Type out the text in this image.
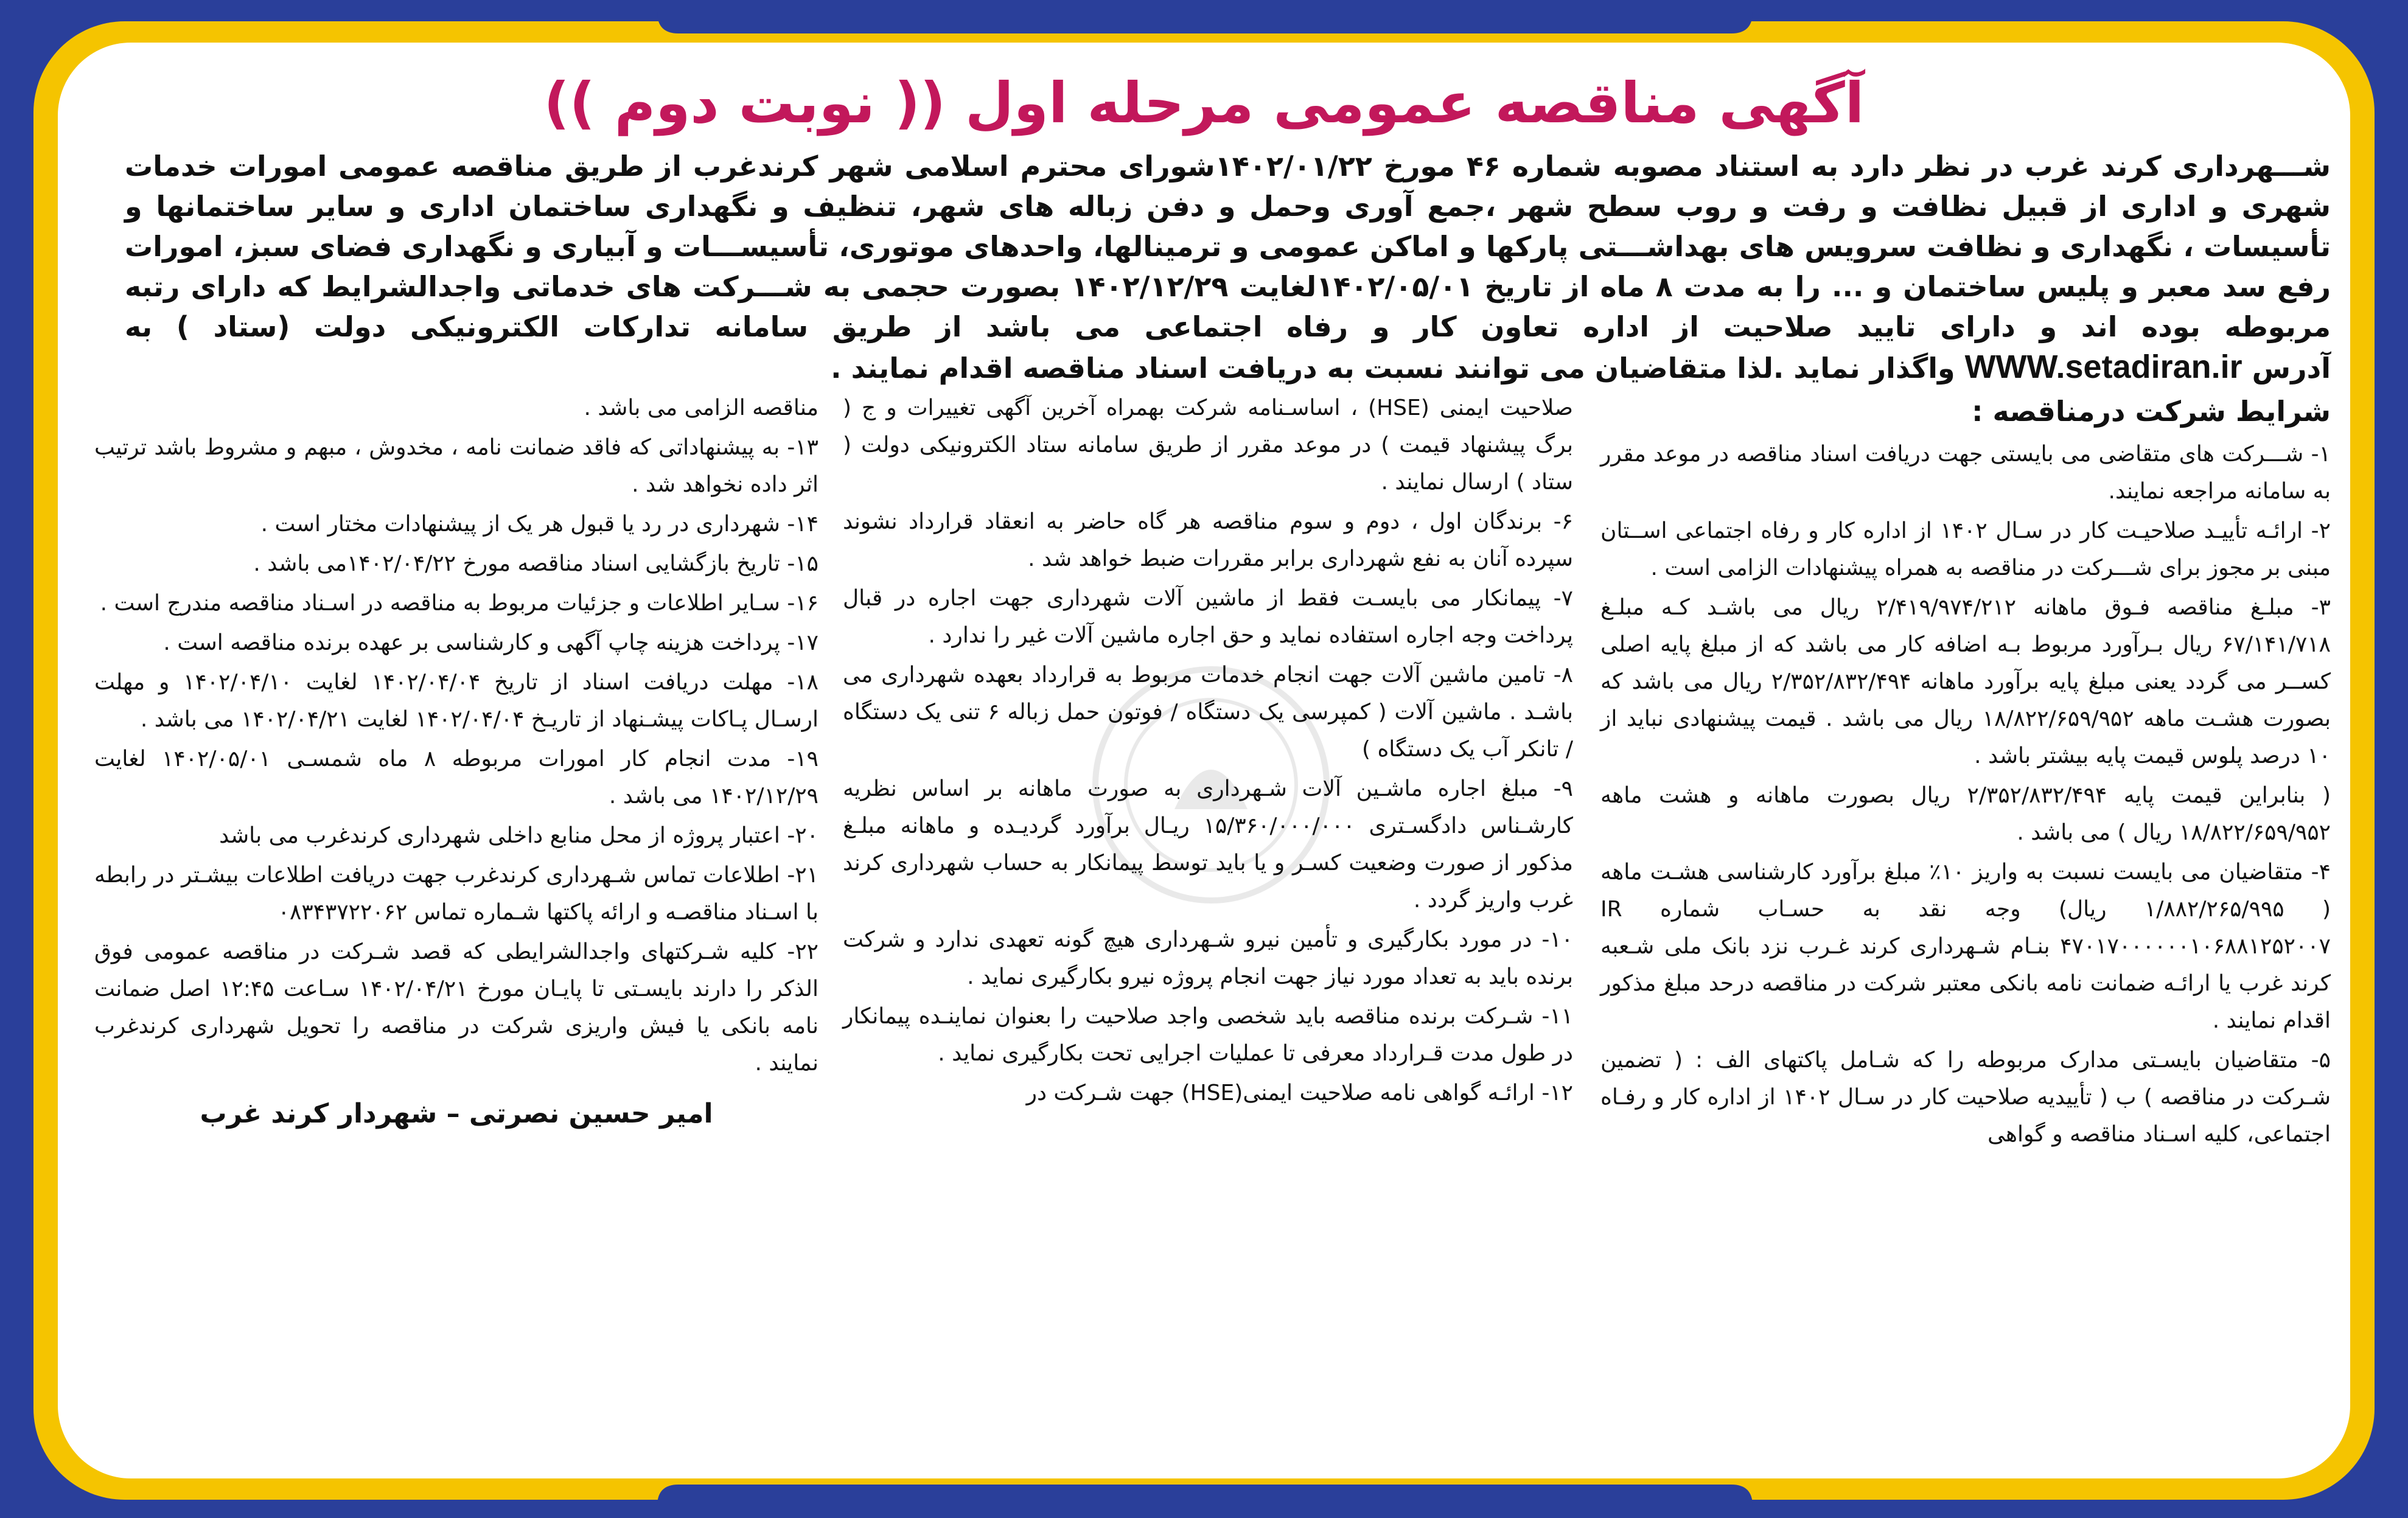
آگهی مناقصه عمومی مرحله اول (( نوبت دوم ))
شـــهرداری کرند غرب در نظر دارد به استناد مصوبه شماره ۴۶ مورخ ۱۴۰۲/۰۱/۲۲شورای محترم اسلامی شهر کرندغرب از طریق مناقصه عمومی امورات خدمات شهری و اداری از قبیل نظافت و رفت و روب سطح شهر ،جمع آوری وحمل و دفن زباله های شهر، تنظیف و نگهداری ساختمان اداری و سایر ساختمانها و تأسیسات ، نگهداری و نظافت سرویس های بهداشـــتی پارکها و اماکن عمومی و ترمینالها، واحدهای موتوری، تأسیســـات و آبیاری و نگهداری فضای سبز، امورات رفع سد معبر و پلیس ساختمان و ... را به مدت ۸ ماه از تاریخ ۱۴۰۲/۰۵/۰۱لغایت ۱۴۰۲/۱۲/۲۹ بصورت حجمی به شـــرکت های خدماتی واجدالشرایط که دارای رتبه مربوطه بوده اند و دارای تایید صلاحیت از اداره تعاون کار و رفاه اجتماعی می باشد از طریق سامانه تدارکات الکترونیکی دولت (ستاد ) به آدرس WWW.setadiran.ir واگذار نماید .لذا متقاضیان می توانند نسبت به دریافت اسناد مناقصه اقدام نمایند .

شرایط شرکت درمناقصه :

۱- شـــرکت های متقاضی می بایستی جهت دریافت اسناد مناقصه در موعد مقرر به سامانه مراجعه نمایند.

۲- ارائـه تأییـد صلاحیـت کار در سـال ۱۴۰۲ از اداره کار و رفاه اجتماعی اســتان مبنی بر مجوز برای شـــرکت در مناقصه به همراه پیشنهادات الزامی است .

۳- مبلـغ مناقصه فـوق ماهانه ۲/۴۱۹/۹۷۴/۲۱۲ ریال می باشـد کـه مبلـغ ۶۷/۱۴۱/۷۱۸ ریال بـرآورد مربوط بـه اضافه کار می باشد که از مبلغ پایه اصلی کســر می گردد یعنی مبلغ پایه برآورد ماهانه ۲/۳۵۲/۸۳۲/۴۹۴ ریال می باشد که بصورت هشـت ماهه ۱۸/۸۲۲/۶۵۹/۹۵۲ ریال می باشد . قیمت پیشنهادی نباید از ۱۰ درصد پلوس قیمت پایه بیشتر باشد .

( بنابراین قیمت پایه ۲/۳۵۲/۸۳۲/۴۹۴ ریال بصورت ماهانه و هشت ماهه ۱۸/۸۲۲/۶۵۹/۹۵۲ ریال ) می باشد .

۴- متقاضیان می بایست نسبت به واریز ۱۰٪ مبلغ برآورد کارشناسی هشـت ماهه ( ۱/۸۸۲/۲۶۵/۹۹۵ ریال) وجه نقد به حسـاب شماره IR ۴۷۰۱۷۰۰۰۰۰۰۱۰۶۸۸۱۲۵۲۰۰۷ بنـام شـهرداری کرند غـرب نزد بانک ملی شـعبه کرند غرب یا ارائـه ضمانت نامه بانکی معتبر شرکت در مناقصه درحد مبلغ مذکور اقدام نمایند .

۵- متقاضیان بایسـتی مدارک مربوطه را که شـامل پاکتهای الف : ( تضمین شـرکت در مناقصه ) ب ( تأییدیه صلاحیت کار در سـال ۱۴۰۲ از اداره کار و رفـاه اجتماعی، کلیه اسـناد مناقصه و گواهی

صلاحیت ایمنی (HSE) ، اساسـنامه شرکت بهمراه آخرین آگهی تغییرات و ج ( برگ پیشنهاد قیمت ) در موعد مقرر از طریق سامانه ستاد الکترونیکی دولت ( ستاد ) ارسال نمایند .

۶- برندگان اول ، دوم و سوم مناقصه هر گاه حاضر به انعقاد قرارداد نشوند سپرده آنان به نفع شهرداری برابر مقررات ضبط خواهد شد .

۷- پیمانکار می بایسـت فقط از ماشین آلات شهرداری جهت اجاره در قبال پرداخت وجه اجاره استفاده نماید و حق اجاره ماشین آلات غیر را ندارد .

۸- تامین ماشین آلات جهت انجام خدمات مربوط به قرارداد بعهده شهرداری می باشـد . ماشین آلات ( کمپرسی یک دستگاه / فوتون حمل زباله ۶ تنی یک دستگاه / تانکر آب یک دستگاه )

۹- مبلغ اجاره ماشـین آلات شـهرداری به صورت ماهانه بر اساس نظریه کارشـناس دادگسـتری ۱۵/۳۶۰/۰۰۰/۰۰۰ ریـال برآورد گردیـده و ماهانه مبلـغ مذکور از صورت وضعیت کسـر و یا باید توسط پیمانکار به حساب شهرداری کرند غرب واریز گردد .

۱۰- در مورد بکارگیری و تأمین نیرو شـهرداری هیچ گونه تعهدی ندارد و شرکت برنده باید به تعداد مورد نیاز جهت انجام پروژه نیرو بکارگیری نماید .

۱۱- شـرکت برنده مناقصه باید شخصی واجد صلاحیت را بعنوان نماینـده پیمانکار در طول مدت قـرارداد معرفی تا عملیات اجرایی تحت بکارگیری نماید .

۱۲- ارائـه گواهی نامه صلاحیت ایمنی(HSE) جهت شـرکت در

مناقصه الزامی می باشد .

۱۳- به پیشنهاداتی که فاقد ضمانت نامه ، مخدوش ، مبهم و مشروط باشد ترتیب اثر داده نخواهد شد .

۱۴- شهرداری در رد یا قبول هر یک از پیشنهادات مختار است .

۱۵- تاریخ بازگشایی اسناد مناقصه مورخ ۱۴۰۲/۰۴/۲۲می باشد .

۱۶- سـایر اطلاعات و جزئیات مربوط به مناقصه در اسـناد مناقصه مندرج است .

۱۷- پرداخت هزینه چاپ آگهی و کارشناسی بر عهده برنده مناقصه است .

۱۸- مهلت دریافت اسناد از تاریخ ۱۴۰۲/۰۴/۰۴ لغایت ۱۴۰۲/۰۴/۱۰ و مهلت ارسـال پـاکات پیشـنهاد از تاریـخ ۱۴۰۲/۰۴/۰۴ لغایت ۱۴۰۲/۰۴/۲۱ می باشد .

۱۹- مدت انجام کار امورات مربوطه ۸ ماه شمسـی ۱۴۰۲/۰۵/۰۱ لغایت ۱۴۰۲/۱۲/۲۹ می باشد .

۲۰- اعتبار پروژه از محل منابع داخلی شهرداری کرندغرب می باشد

۲۱- اطلاعات تماس شـهرداری کرندغرب جهت دریافت اطلاعات بیشـتر در رابطه با اسـناد مناقصـه و ارائه پاکتها شـماره تماس ۰۸۳۴۳۷۲۲۰۶۲

۲۲- کلیه شـرکتهای واجدالشرایطی که قصد شـرکت در مناقصه عمومی فوق الذکر را دارند بایسـتی تا پایـان مورخ ۱۴۰۲/۰۴/۲۱ سـاعت ۱۲:۴۵ اصل ضمانت نامه بانکی یا فیش واریزی شرکت در مناقصه را تحویل شهرداری کرندغرب نمایند .

امیر حسین نصرتی – شهردار کرند غرب
